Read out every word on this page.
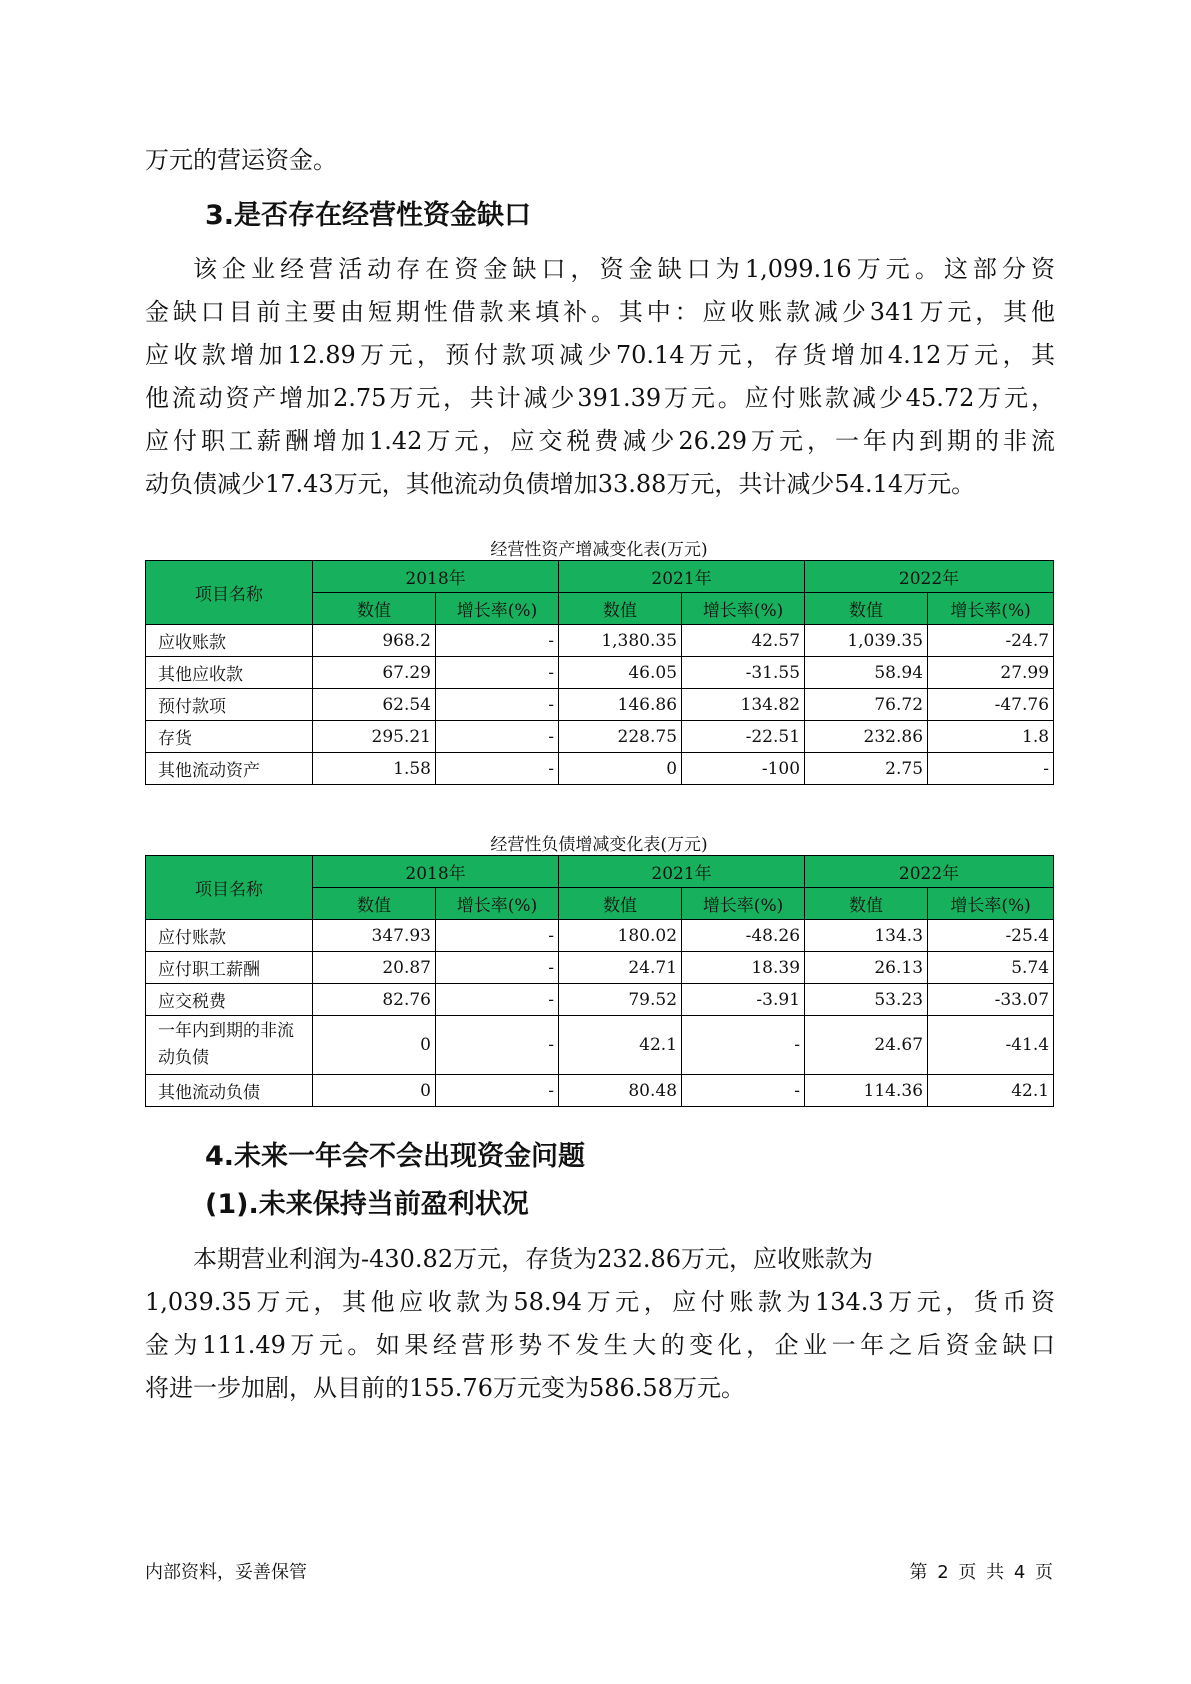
万元的营运资金。
3.是否存在经营性资金缺口
该企业经营活动存在资金缺口，资金缺口为1,099.16万元。这部分资
金缺口目前主要由短期性借款来填补。其中：应收账款减少341万元，其他
应收款增加12.89万元，预付款项减少70.14万元，存货增加4.12万元，其
他流动资产增加2.75万元，共计减少391.39万元。应付账款减少45.72万元，
应付职工薪酬增加1.42万元，应交税费减少26.29万元，一年内到期的非流
动负债减少17.43万元，其他流动负债增加33.88万元，共计减少54.14万元。
经营性资产增减变化表(万元)
项目名称	2018年		2021年		2022年	
	数值	增长率(%)	数值	增长率(%)	数值	增长率(%)
应收账款	968.2	-	1,380.35	42.57	1,039.35	-24.7
其他应收款	67.29	-	46.05	-31.55	58.94	27.99
预付款项	62.54	-	146.86	134.82	76.72	-47.76
存货	295.21	-	228.75	-22.51	232.86	1.8
其他流动资产	1.58	-	0	-100	2.75	-
经营性负债增减变化表(万元)
项目名称	2018年		2021年		2022年	
	数值	增长率(%)	数值	增长率(%)	数值	增长率(%)
应付账款	347.93	-	180.02	-48.26	134.3	-25.4
应付职工薪酬	20.87	-	24.71	18.39	26.13	5.74
应交税费	82.76	-	79.52	-3.91	53.23	-33.07
一年内到期的非流
动负债	0	-	42.1	-	24.67	-41.4
其他流动负债	0	-	80.48	-	114.36	42.1
4.未来一年会不会出现资金问题
(1).未来保持当前盈利状况
本期营业利润为-430.82万元，存货为232.86万元，应收账款为
1,039.35万元，其他应收款为58.94万元，应付账款为134.3万元，货币资
金为111.49万元。如果经营形势不发生大的变化，企业一年之后资金缺口
将进一步加剧，从目前的155.76万元变为586.58万元。
内部资料，妥善保管	第 2 页 共 4 页
